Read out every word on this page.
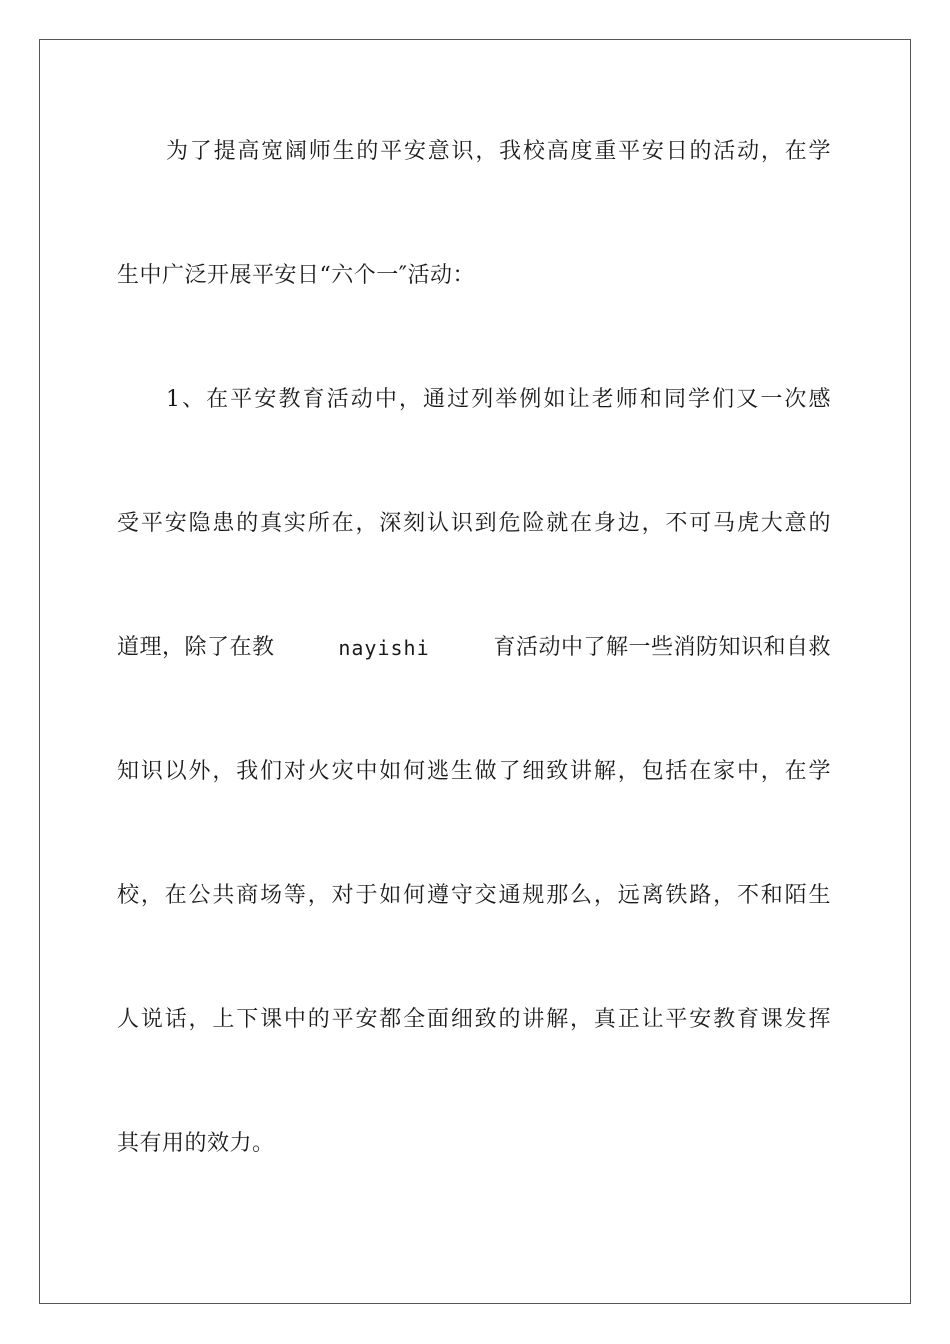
为了提高宽阔师生的平安意识，我校高度重平安日的活动，在学
生中广泛开展平安日“六个一″活动：
1、在平安教育活动中，通过列举例如让老师和同学们又一次感
受平安隐患的真实所在，深刻认识到危险就在身边，不可马虎大意的
道理，除了在教	nayishi	育活动中了解一些消防知识和自救
知识以外，我们对火灾中如何逃生做了细致讲解，包括在家中，在学
校，在公共商场等，对于如何遵守交通规那么，远离铁路，不和陌生
人说话，上下课中的平安都全面细致的讲解，真正让平安教育课发挥
其有用的效力。
